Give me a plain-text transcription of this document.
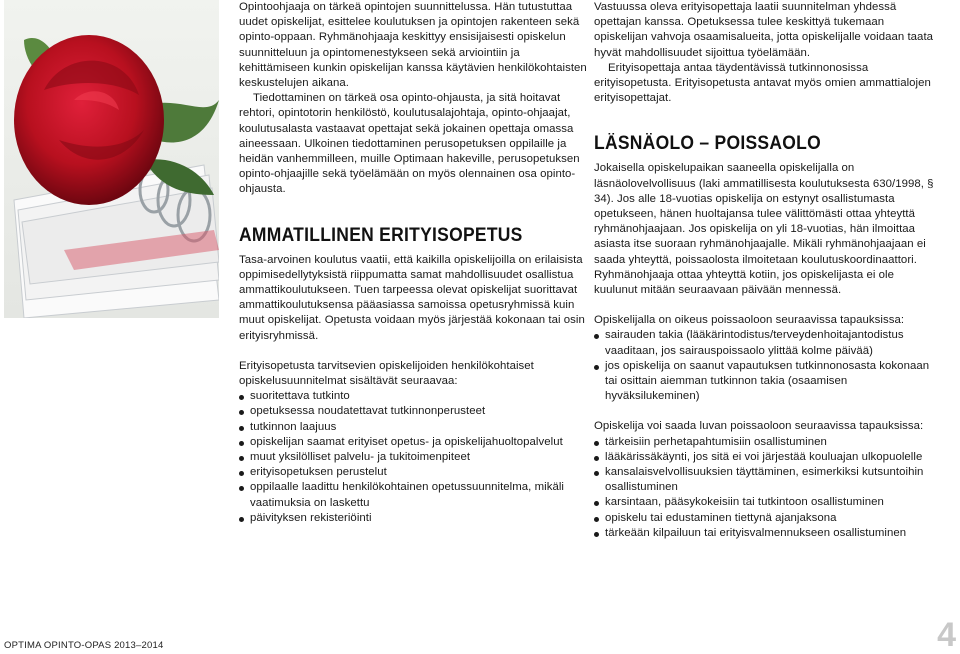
Opintoohjaaja on tärkeä opintojen suunnittelussa. Hän tutustuttaa uudet opiskelijat, esittelee koulutuksen ja opintojen rakenteen sekä opinto-oppaan. Ryhmänohjaaja keskittyy ensisijaisesti opiskelun suunnitteluun ja opintomenestykseen sekä arviointiin ja kehittämiseen kunkin opiskelijan kanssa käytävien henkilökohtaisten keskustelujen aikana.

Tiedottaminen on tärkeä osa opinto-ohjausta, ja sitä hoitavat rehtori, opintotorin henkilöstö, koulutusalajohtaja, opinto-ohjaajat, koulutusalasta vastaavat opettajat sekä jokainen opettaja omassa aineessaan. Ulkoinen tiedottaminen perusopetuksen oppilaille ja heidän vanhemmilleen, muille Optimaan hakeville, perusopetuksen opinto-ohjaajille sekä työelämään on myös olennainen osa opinto-ohjausta.

AMMATILLINEN ERITYISOPETUS

Tasa-arvoinen koulutus vaatii, että kaikilla opiskelijoilla on erilaisista oppimisedellytyksistä riippumatta samat mahdollisuudet osallistua ammattikoulutukseen. Tuen tarpeessa olevat opiskelijat suorittavat ammattikoulutuksensa pääasiassa samoissa opetusryhmissä kuin muut opiskelijat. Opetusta voidaan myös järjestää kokonaan tai osin erityisryhmissä.

Erityisopetusta tarvitsevien opiskelijoiden henkilökohtaiset opiskelusuunnitelmat sisältävät seuraavaa:

suoritettava tutkinto
opetuksessa noudatettavat tutkinnonperusteet
tutkinnon laajuus
opiskelijan saamat erityiset opetus- ja opiskelijahuoltopalvelut
muut yksilölliset palvelu- ja tukitoimenpiteet
erityisopetuksen perustelut
oppilaalle laadittu henkilökohtainen opetussuunnitelma, mikäli vaatimuksia on laskettu
päivityksen rekisteriöinti

Vastuussa oleva erityisopettaja laatii suunnitelman yhdessä opettajan kanssa. Opetuksessa tulee keskittyä tukemaan opiskelijan vahvoja osaamisalueita, jotta opiskelijalle voidaan taata hyvät mahdollisuudet sijoittua työelämään.

Erityisopettaja antaa täydentävissä tutkinnonosissa erityisopetusta. Erityisopetusta antavat myös omien ammattialojen erityisopettajat.

LÄSNÄOLO – POISSAOLO

Jokaisella opiskelupaikan saaneella opiskelijalla on läsnäolovelvollisuus (laki ammatillisesta koulutuksesta 630/1998, § 34). Jos alle 18-vuotias opiskelija on estynyt osallistumasta opetukseen, hänen huoltajansa tulee välittömästi ottaa yhteyttä ryhmänohjaajaan. Jos opiskelija on yli 18-vuotias, hän ilmoittaa asiasta itse suoraan ryhmänohjaajalle. Mikäli ryhmänohjaajaan ei saada yhteyttä, poissaolosta ilmoitetaan koulutuskoordinaattori. Ryhmänohjaaja ottaa yhteyttä kotiin, jos opiskelijasta ei ole kuulunut mitään seuraavaan päivään mennessä.

Opiskelijalla on oikeus poissaoloon seuraavissa tapauksissa:

sairauden takia (lääkärintodistus/terveydenhoitajantodistus vaaditaan, jos sairauspoissaolo ylittää kolme päivää)
jos opiskelija on saanut vapautuksen tutkinnonosasta kokonaan tai osittain aiemman tutkinnon takia (osaamisen hyväksilukeminen)

Opiskelija voi saada luvan poissaoloon seuraavissa tapauksissa:

tärkeisiin perhetapahtumisiin osallistuminen
lääkärissäkäynti, jos sitä ei voi järjestää kouluajan ulkopuolelle
kansalaisvelvollisuuksien täyttäminen, esimerkiksi kutsuntoihin osallistuminen
karsintaan, pääsykokeisiin tai tutkintoon osallistuminen
opiskelu tai edustaminen tiettynä ajanjaksona
tärkeään kilpailuun tai erityisvalmennukseen osallistuminen
OPTIMA OPINTO-OPAS 2013–2014	4
